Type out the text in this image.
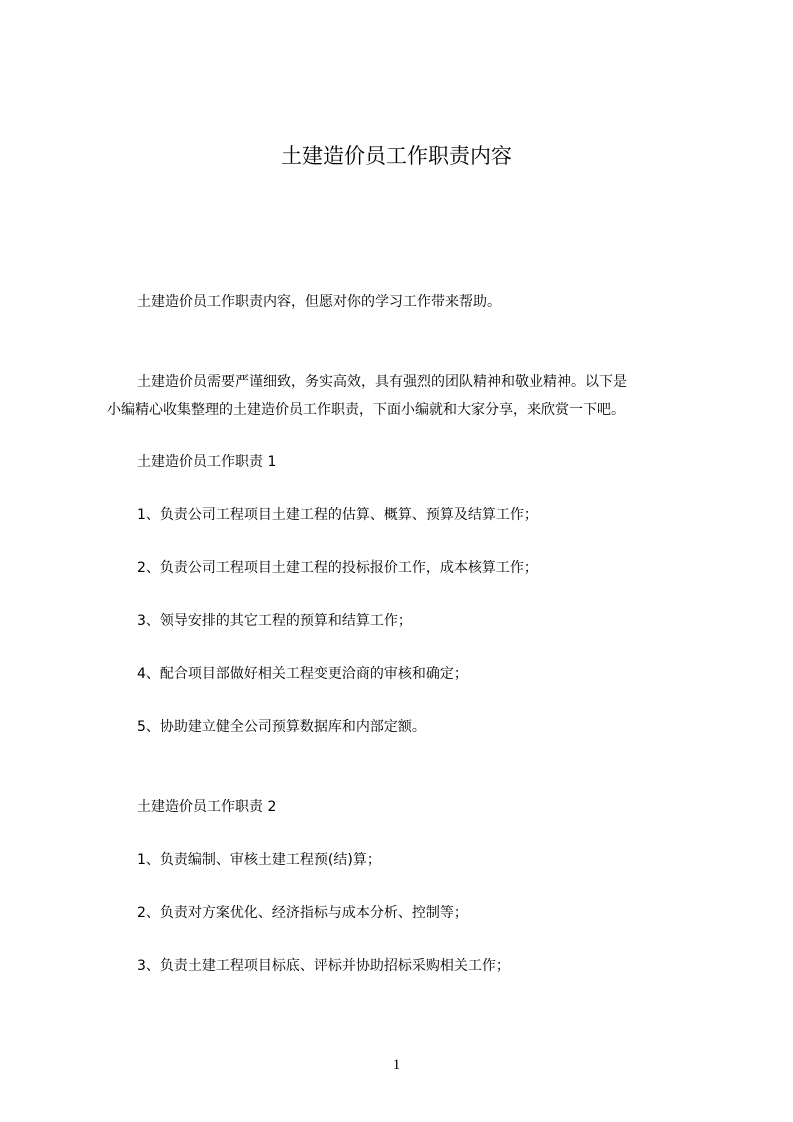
土建造价员工作职责内容
土建造价员工作职责内容，但愿对你的学习工作带来帮助。
土建造价员需要严谨细致，务实高效，具有强烈的团队精神和敬业精神。以下是
小编精心收集整理的土建造价员工作职责，下面小编就和大家分享，来欣赏一下吧。
土建造价员工作职责 1
1、负责公司工程项目土建工程的估算、概算、预算及结算工作；
2、负责公司工程项目土建工程的投标报价工作，成本核算工作；
3、领导安排的其它工程的预算和结算工作；
4、配合项目部做好相关工程变更洽商的审核和确定；
5、协助建立健全公司预算数据库和内部定额。
土建造价员工作职责 2
1、负责编制、审核土建工程预(结)算；
2、负责对方案优化、经济指标与成本分析、控制等；
3、负责土建工程项目标底、评标并协助招标采购相关工作；
1
